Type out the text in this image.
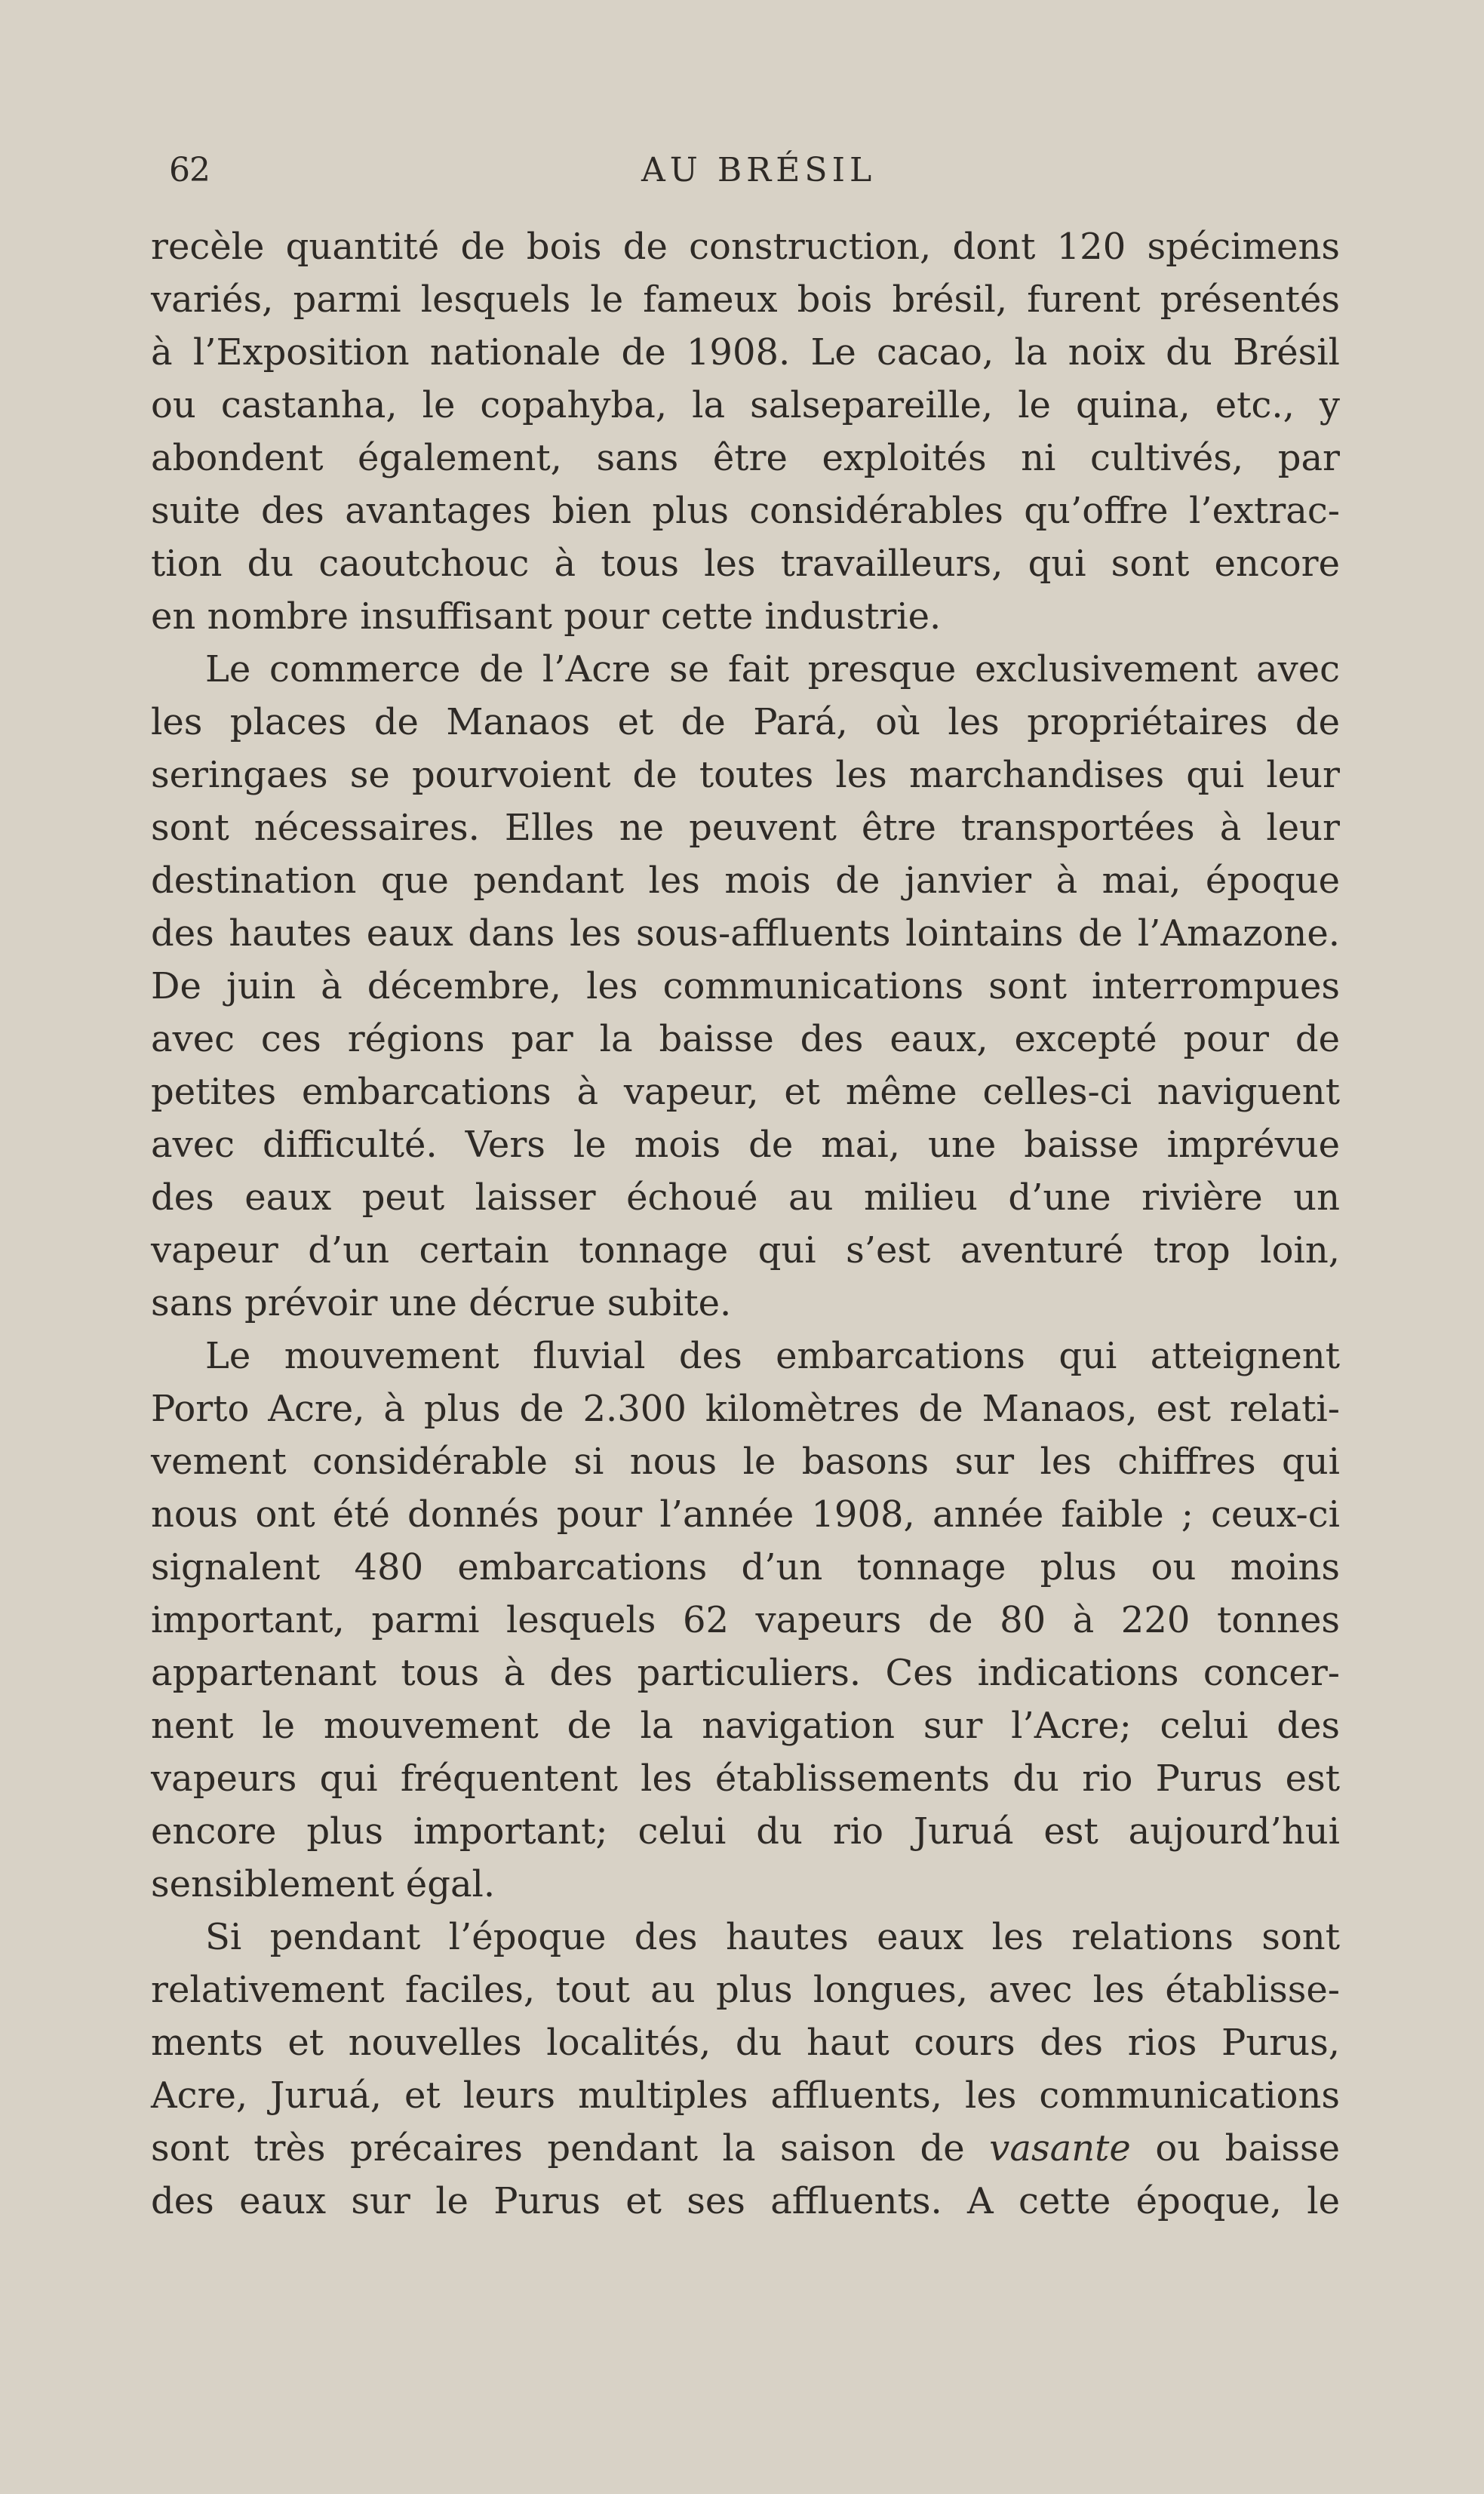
62	AU BRÉSIL
recèle quantité de bois de construction, dont 120 spécimens
variés, parmi lesquels le fameux bois brésil, furent présentés
à l’Exposition nationale de 1908. Le cacao, la noix du Brésil
ou castanha, le copahyba, la salsepareille, le quina, etc., y
abondent également, sans être exploités ni cultivés, par
suite des avantages bien plus considérables qu’offre l’extrac-
tion du caoutchouc à tous les travailleurs, qui sont encore
en nombre insuffisant pour cette industrie.
Le commerce de l’Acre se fait presque exclusivement avec
les places de Manaos et de Pará, où les propriétaires de
seringaes se pourvoient de toutes les marchandises qui leur
sont nécessaires. Elles ne peuvent être transportées à leur
destination que pendant les mois de janvier à mai, époque
des hautes eaux dans les sous-affluents lointains de l’Amazone.
De juin à décembre, les communications sont interrompues
avec ces régions par la baisse des eaux, excepté pour de
petites embarcations à vapeur, et même celles-ci naviguent
avec difficulté. Vers le mois de mai, une baisse imprévue
des eaux peut laisser échoué au milieu d’une rivière un
vapeur d’un certain tonnage qui s’est aventuré trop loin,
sans prévoir une décrue subite.
Le mouvement fluvial des embarcations qui atteignent
Porto Acre, à plus de 2.300 kilomètres de Manaos, est relati-
vement considérable si nous le basons sur les chiffres qui
nous ont été donnés pour l’année 1908, année faible ; ceux-ci
signalent 480 embarcations d’un tonnage plus ou moins
important, parmi lesquels 62 vapeurs de 80 à 220 tonnes
appartenant tous à des particuliers. Ces indications concer-
nent le mouvement de la navigation sur l’Acre; celui des
vapeurs qui fréquentent les établissements du rio Purus est
encore plus important; celui du rio Juruá est aujourd’hui
sensiblement égal.
Si pendant l’époque des hautes eaux les relations sont
relativement faciles, tout au plus longues, avec les établisse-
ments et nouvelles localités, du haut cours des rios Purus,
Acre, Juruá, et leurs multiples affluents, les communications
sont très précaires pendant la saison de vasante ou baisse
des eaux sur le Purus et ses affluents. A cette époque, le
